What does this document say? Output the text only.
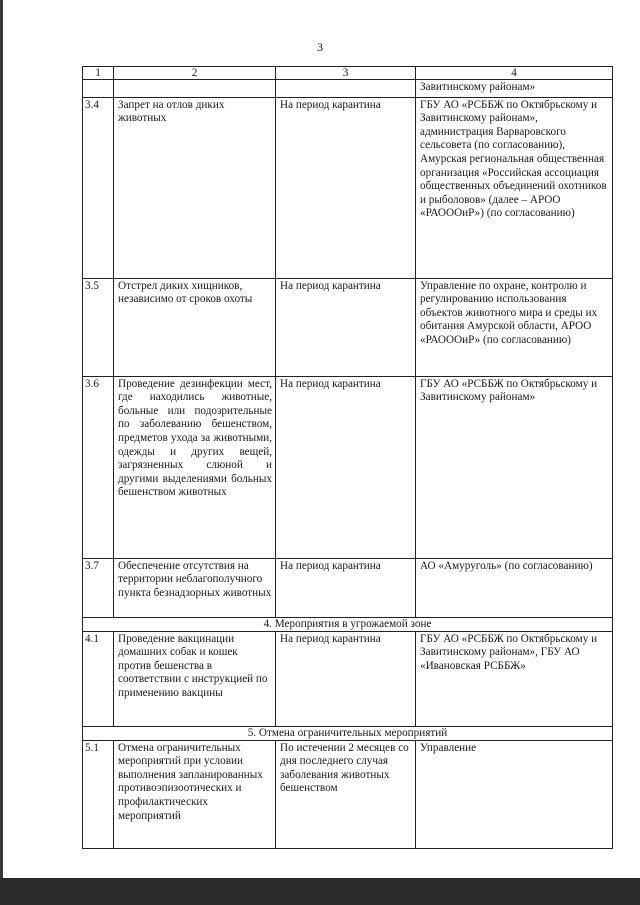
3
1	2	3	4
			Завитинскому районам»
3.4	Запрет на отлов диких животных	На период карантина	ГБУ АО «РСББЖ по Октябрьскому и Завитинскому районам», администрация Варваровского сельсовета (по согласованию), Амурская региональная общественная организация «Российская ассоциация общественных объединений охотников и рыболовов» (далее – АРОО «РАОООиР») (по согласованию)
3.5	Отстрел диких хищников, независимо от сроков охоты	На период карантина	Управление по охране, контролю и регулированию использования объектов животного мира и среды их обитания Амурской области, АРОО «РАОООиР» (по согласованию)
3.6	Проведение дезинфекции мест, где находились животные, больные или подозрительные по заболеванию бешенством, предметов ухода за животными, одежды и других вещей, загрязненных слюной и другими выделениями больных бешенством животных	На период карантина	ГБУ АО «РСББЖ по Октябрьскому и Завитинскому районам»
3.7	Обеспечение отсутствия на территории неблагополучного пункта безнадзорных животных	На период карантина	АО «Амуруголь» (по согласованию)
4. Мероприятия в угрожаемой зоне			
4.1	Проведение вакцинации домашних собак и кошек против бешенства в соответствии с инструкцией по применению вакцины	На период карантина	ГБУ АО «РСББЖ по Октябрьскому и Завитинскому районам», ГБУ АО «Ивановская РСББЖ»
5. Отмена ограничительных мероприятий			
5.1	Отмена ограничительных мероприятий при условии выполнения запланированных противоэпизоотических и профилактических мероприятий	По истечении 2 месяцев со дня последнего случая заболевания животных бешенством	Управление
